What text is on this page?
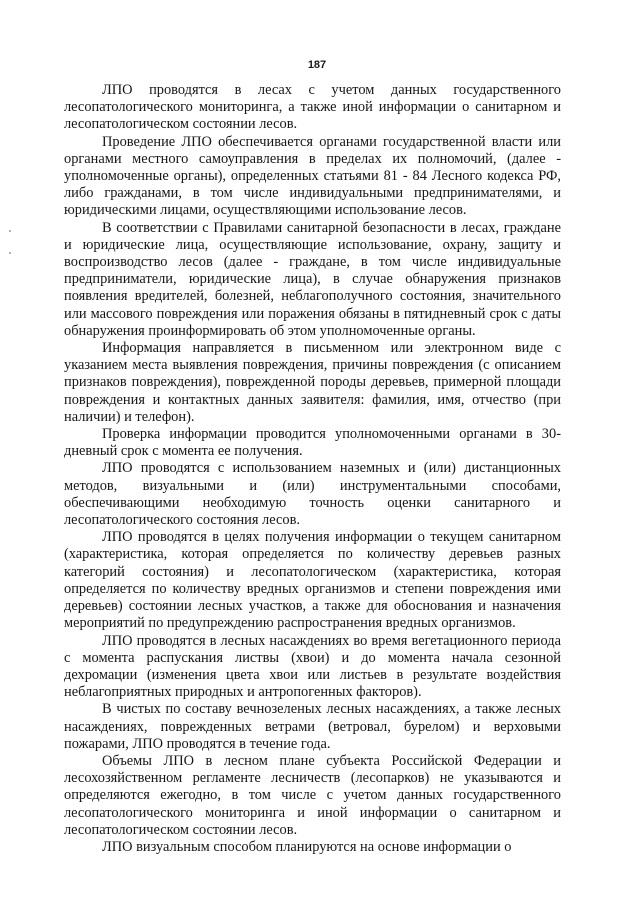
187

ЛПО проводятся в лесах с учетом данных государственного лесопатологического мониторинга, а также иной информации о санитарном и лесопатологическом состоянии лесов.

Проведение ЛПО обеспечивается органами государственной власти или органами местного самоуправления в пределах их полномочий, (далее - уполномоченные органы), определенных статьями 81 - 84 Лесного кодекса РФ, либо гражданами, в том числе индивидуальными предпринимателями, и юридическими лицами, осуществляющими использование лесов.

В соответствии с Правилами санитарной безопасности в лесах, граждане и юридические лица, осуществляющие использование, охрану, защиту и воспроизводство лесов (далее - граждане, в том числе индивидуальные предприниматели, юридические лица), в случае обнаружения признаков появления вредителей, болезней, неблагополучного состояния, значительного или массового повреждения или поражения обязаны в пятидневный срок с даты обнаружения проинформировать об этом уполномоченные органы.

Информация направляется в письменном или электронном виде с указанием места выявления повреждения, причины повреждения (с описанием признаков повреждения), поврежденной породы деревьев, примерной площади повреждения и контактных данных заявителя: фамилия, имя, отчество (при наличии) и телефон).

Проверка информации проводится уполномоченными органами в 30-дневный срок с момента ее получения.

ЛПО проводятся с использованием наземных и (или) дистанционных методов, визуальными и (или) инструментальными способами, обеспечивающими необходимую точность оценки санитарного и лесопатологического состояния лесов.

ЛПО проводятся в целях получения информации о текущем санитарном (характеристика, которая определяется по количеству деревьев разных категорий состояния) и лесопатологическом (характеристика, которая определяется по количеству вредных организмов и степени повреждения ими деревьев) состоянии лесных участков, а также для обоснования и назначения мероприятий по предупреждению распространения вредных организмов.

ЛПО проводятся в лесных насаждениях во время вегетационного периода с момента распускания листвы (хвои) и до момента начала сезонной дехромации (изменения цвета хвои или листьев в результате воздействия неблагоприятных природных и антропогенных факторов).

В чистых по составу вечнозеленых лесных насаждениях, а также лесных насаждениях, поврежденных ветрами (ветровал, бурелом) и верховыми пожарами, ЛПО проводятся в течение года.

Объемы ЛПО в лесном плане субъекта Российской Федерации и лесохозяйственном регламенте лесничеств (лесопарков) не указываются и определяются ежегодно, в том числе с учетом данных государственного лесопатологического мониторинга и иной информации о санитарном и лесопатологическом состоянии лесов.

ЛПО визуальным способом планируются на основе информации о
